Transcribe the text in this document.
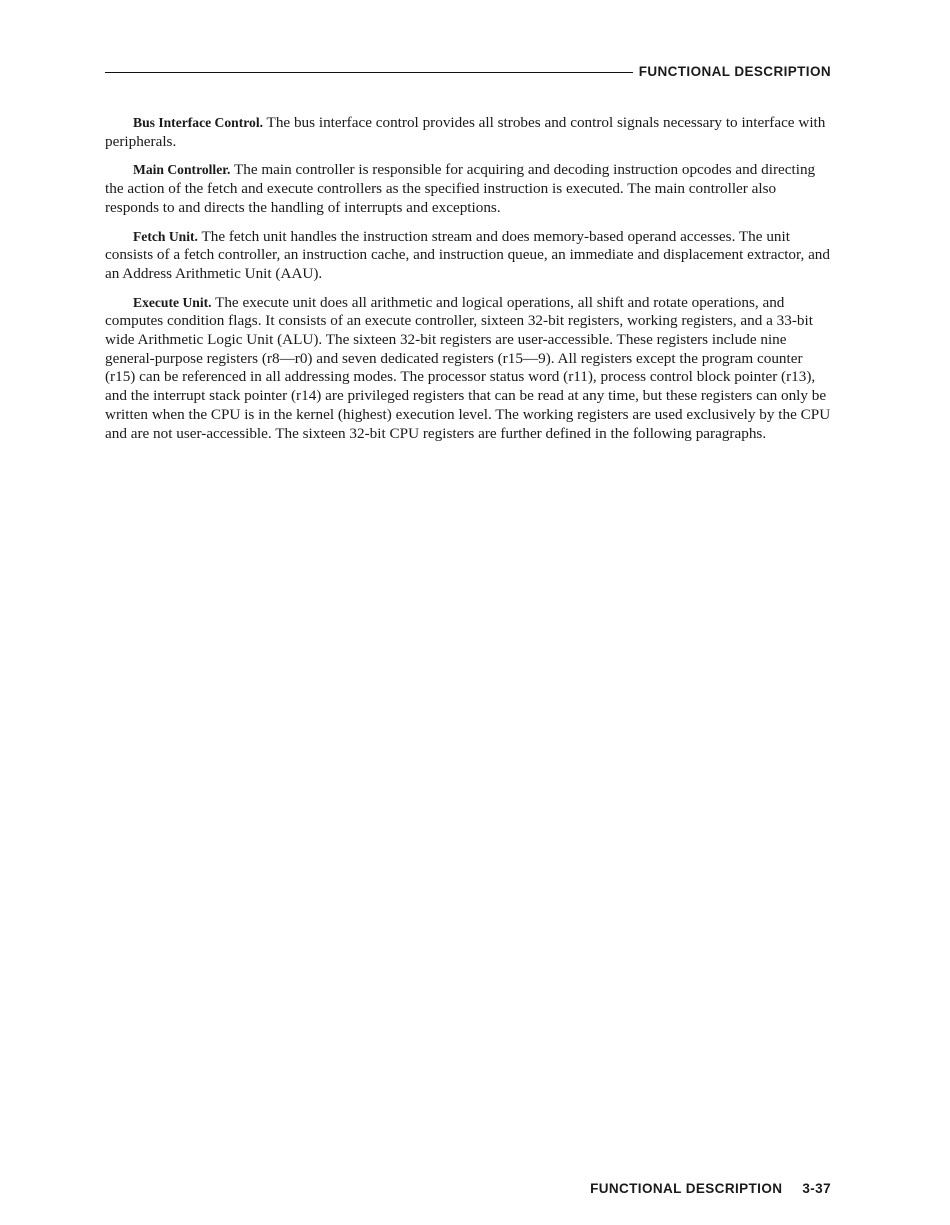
FUNCTIONAL DESCRIPTION

Bus Interface Control. The bus interface control provides all strobes and control signals necessary to interface with peripherals.

Main Controller. The main controller is responsible for acquiring and decoding instruction opcodes and directing the action of the fetch and execute controllers as the specified instruction is executed. The main controller also responds to and directs the handling of interrupts and exceptions.

Fetch Unit. The fetch unit handles the instruction stream and does memory-based operand accesses. The unit consists of a fetch controller, an instruction cache, and instruction queue, an immediate and displacement extractor, and an Address Arithmetic Unit (AAU).

Execute Unit. The execute unit does all arithmetic and logical operations, all shift and rotate operations, and computes condition flags. It consists of an execute controller, sixteen 32-bit registers, working registers, and a 33-bit wide Arithmetic Logic Unit (ALU). The sixteen 32-bit registers are user-accessible. These registers include nine general-purpose registers (r8—r0) and seven dedicated registers (r15—9). All registers except the program counter (r15) can be referenced in all addressing modes. The processor status word (r11), process control block pointer (r13), and the interrupt stack pointer (r14) are privileged registers that can be read at any time, but these registers can only be written when the CPU is in the kernel (highest) execution level. The working registers are used exclusively by the CPU and are not user-accessible. The sixteen 32-bit CPU registers are further defined in the following paragraphs.

FUNCTIONAL DESCRIPTION 3-37
